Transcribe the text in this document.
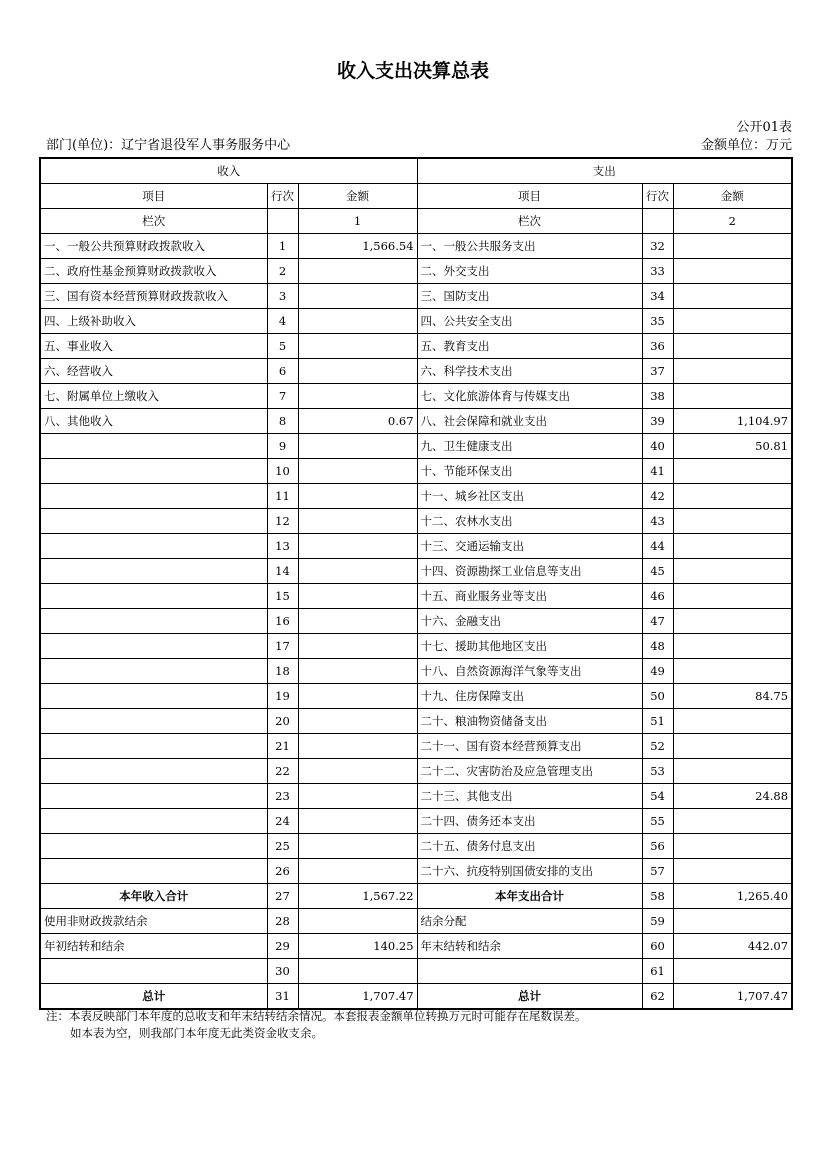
收入支出决算总表
公开01表
部门(单位)：辽宁省退役军人事务服务中心	金额单位：万元
收入			支出		
项目	行次	金额	项目	行次	金额
栏次		1	栏次		2
一、一般公共预算财政拨款收入	1	1,566.54	一、一般公共服务支出	32	
二、政府性基金预算财政拨款收入	2		二、外交支出	33	
三、国有资本经营预算财政拨款收入	3		三、国防支出	34	
四、上级补助收入	4		四、公共安全支出	35	
五、事业收入	5		五、教育支出	36	
六、经营收入	6		六、科学技术支出	37	
七、附属单位上缴收入	7		七、文化旅游体育与传媒支出	38	
八、其他收入	8	0.67	八、社会保障和就业支出	39	1,104.97
	9		九、卫生健康支出	40	50.81
	10		十、节能环保支出	41	
	11		十一、城乡社区支出	42	
	12		十二、农林水支出	43	
	13		十三、交通运输支出	44	
	14		十四、资源勘探工业信息等支出	45	
	15		十五、商业服务业等支出	46	
	16		十六、金融支出	47	
	17		十七、援助其他地区支出	48	
	18		十八、自然资源海洋气象等支出	49	
	19		十九、住房保障支出	50	84.75
	20		二十、粮油物资储备支出	51	
	21		二十一、国有资本经营预算支出	52	
	22		二十二、灾害防治及应急管理支出	53	
	23		二十三、其他支出	54	24.88
	24		二十四、债务还本支出	55	
	25		二十五、债务付息支出	56	
	26		二十六、抗疫特别国债安排的支出	57	
本年收入合计	27	1,567.22	本年支出合计	58	1,265.40
使用非财政拨款结余	28		结余分配	59	
年初结转和结余	29	140.25	年末结转和结余	60	442.07
	30			61	
总计	31	1,707.47	总计	62	1,707.47
注：本表反映部门本年度的总收支和年末结转结余情况。本套报表金额单位转换万元时可能存在尾数误差。
如本表为空，则我部门本年度无此类资金收支余。
